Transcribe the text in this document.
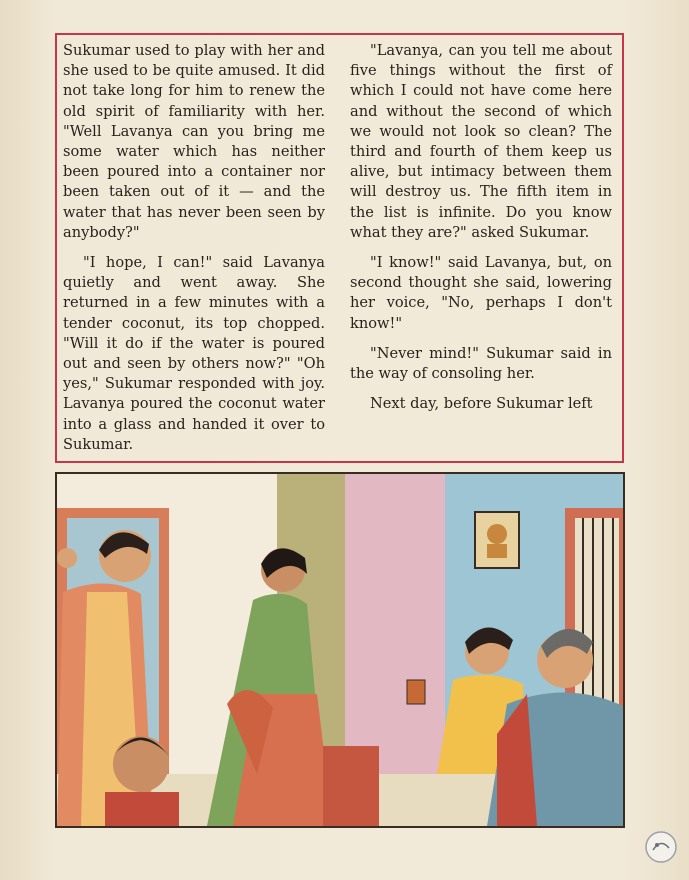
Sukumar used to play with her and she used to be quite amused. It did not take long for him to renew the old spirit of familiarity with her. "Well Lavanya can you bring me some water which has neither been poured into a container nor been taken out of it — and the water that has never been seen by anybody?"

"I hope, I can!" said Lavanya quietly and went away. She returned in a few minutes with a tender coconut, its top chopped. "Will it do if the water is poured out and seen by others now?" "Oh yes," Sukumar responded with joy. Lavanya poured the coconut water into a glass and handed it over to Sukumar.

"Lavanya, can you tell me about five things without the first of which I could not have come here and without the second of which we would not look so clean? The third and fourth of them keep us alive, but intimacy between them will destroy us. The fifth item in the list is infinite. Do you know what they are?" asked Sukumar.

"I know!" said Lavanya, but, on second thought she said, lowering her voice, "No, perhaps I don't know!"

"Never mind!" Sukumar said in the way of consoling her.

Next day, before Sukumar left
